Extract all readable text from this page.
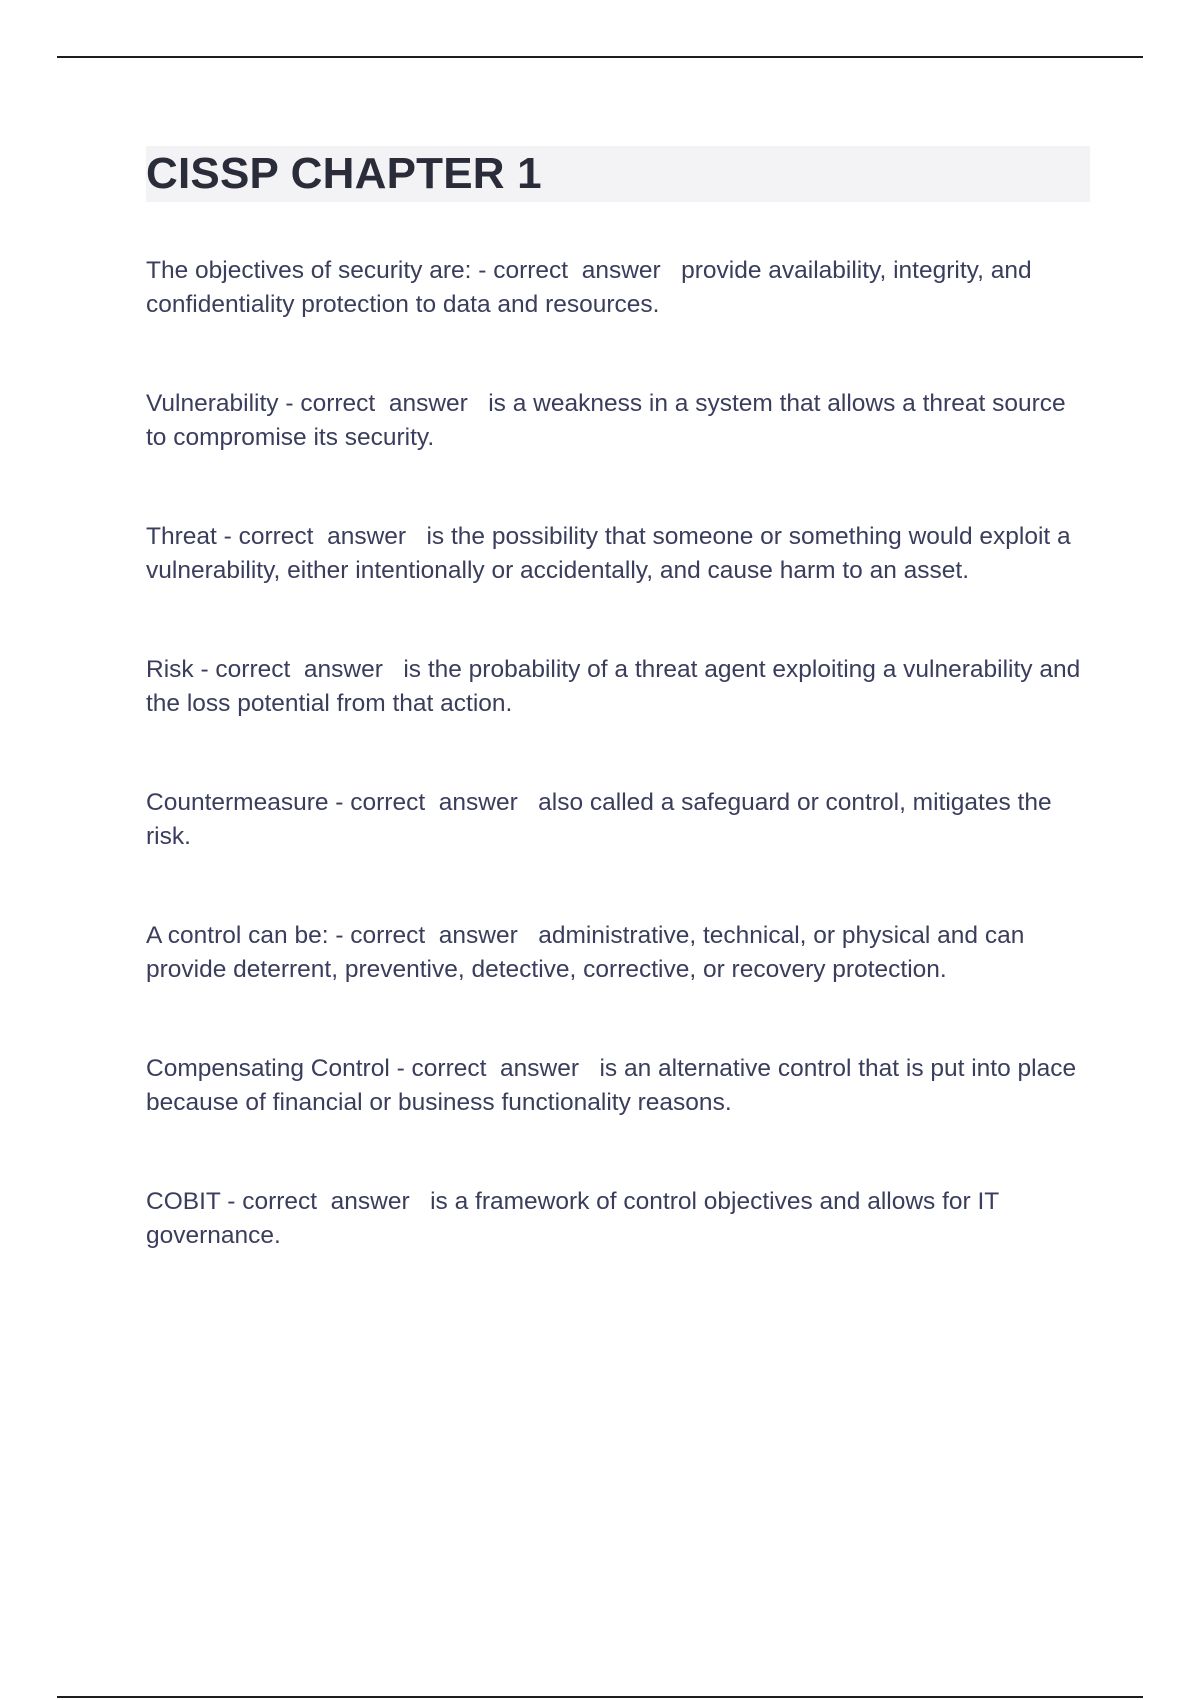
CISSP CHAPTER 1

The objectives of security are: - correct  answer   provide availability, integrity, and confidentiality protection to data and resources.

Vulnerability - correct  answer   is a weakness in a system that allows a threat source to compromise its security.

Threat - correct  answer   is the possibility that someone or something would exploit a vulnerability, either intentionally or accidentally, and cause harm to an asset.

Risk - correct  answer   is the probability of a threat agent exploiting a vulnerability and the loss potential from that action.

Countermeasure - correct  answer   also called a safeguard or control, mitigates the risk.

A control can be: - correct  answer   administrative, technical, or physical and can provide deterrent, preventive, detective, corrective, or recovery protection.

Compensating Control - correct  answer   is an alternative control that is put into place because of financial or business functionality reasons.

COBIT - correct  answer   is a framework of control objectives and allows for IT governance.
